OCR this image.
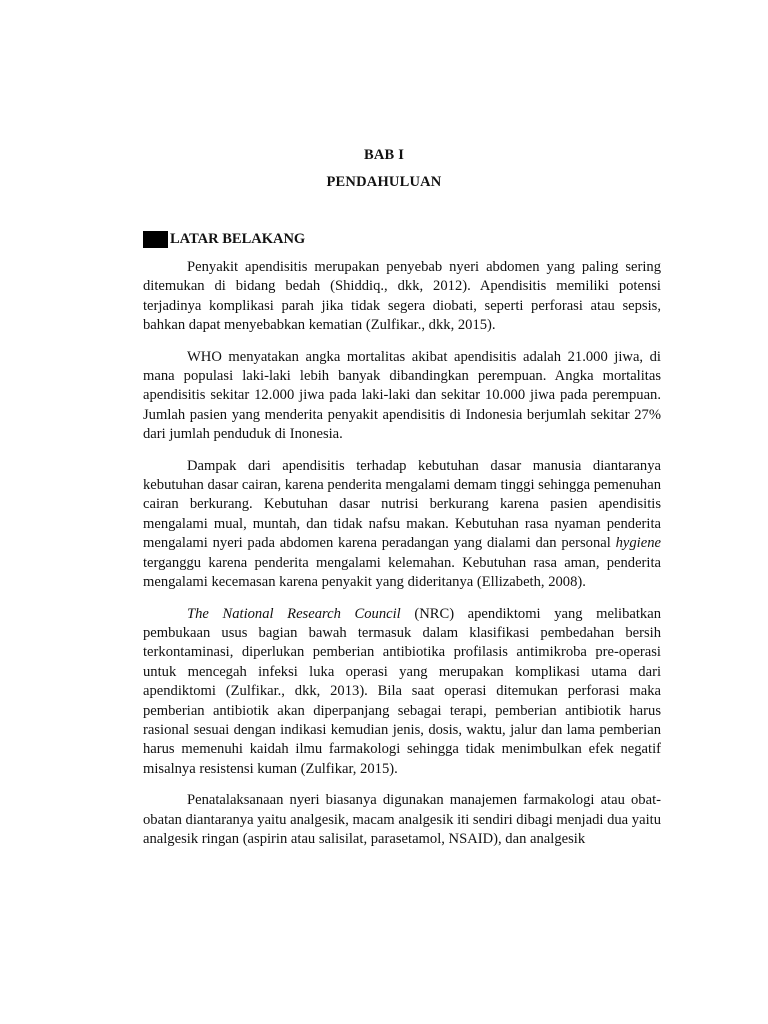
BAB I

PENDAHULUAN

LATAR BELAKANG

Penyakit apendisitis merupakan penyebab nyeri abdomen yang paling sering ditemukan di bidang bedah (Shiddiq., dkk, 2012). Apendisitis memiliki potensi terjadinya komplikasi parah jika tidak segera diobati, seperti perforasi atau sepsis, bahkan dapat menyebabkan kematian (Zulfikar., dkk, 2015).

WHO menyatakan angka mortalitas akibat apendisitis adalah 21.000 jiwa, di mana populasi laki-laki lebih banyak dibandingkan perempuan. Angka mortalitas apendisitis sekitar 12.000 jiwa pada laki-laki dan sekitar 10.000 jiwa pada perempuan. Jumlah pasien yang menderita penyakit apendisitis di Indonesia berjumlah sekitar 27% dari jumlah penduduk di Inonesia.

Dampak dari apendisitis terhadap kebutuhan dasar manusia diantaranya kebutuhan dasar cairan, karena penderita mengalami demam tinggi sehingga pemenuhan cairan berkurang. Kebutuhan dasar nutrisi berkurang karena pasien apendisitis mengalami mual, muntah, dan tidak nafsu makan. Kebutuhan rasa nyaman penderita mengalami nyeri pada abdomen karena peradangan yang dialami dan personal hygiene terganggu karena penderita mengalami kelemahan. Kebutuhan rasa aman, penderita mengalami kecemasan karena penyakit yang dideritanya (Ellizabeth, 2008).

The National Research Council (NRC) apendiktomi yang melibatkan pembukaan usus bagian bawah termasuk dalam klasifikasi pembedahan bersih terkontaminasi, diperlukan pemberian antibiotika profilasis antimikroba pre-operasi untuk mencegah infeksi luka operasi yang merupakan komplikasi utama dari apendiktomi (Zulfikar., dkk, 2013). Bila saat operasi ditemukan perforasi maka pemberian antibiotik akan diperpanjang sebagai terapi, pemberian antibiotik harus rasional sesuai dengan indikasi kemudian jenis, dosis, waktu, jalur dan lama pemberian harus memenuhi kaidah ilmu farmakologi sehingga tidak menimbulkan efek negatif misalnya resistensi kuman (Zulfikar, 2015).

Penatalaksanaan nyeri biasanya digunakan manajemen farmakologi atau obat-obatan diantaranya yaitu analgesik, macam analgesik iti sendiri dibagi menjadi dua yaitu analgesik ringan (aspirin atau salisilat, parasetamol, NSAID), dan analgesik
